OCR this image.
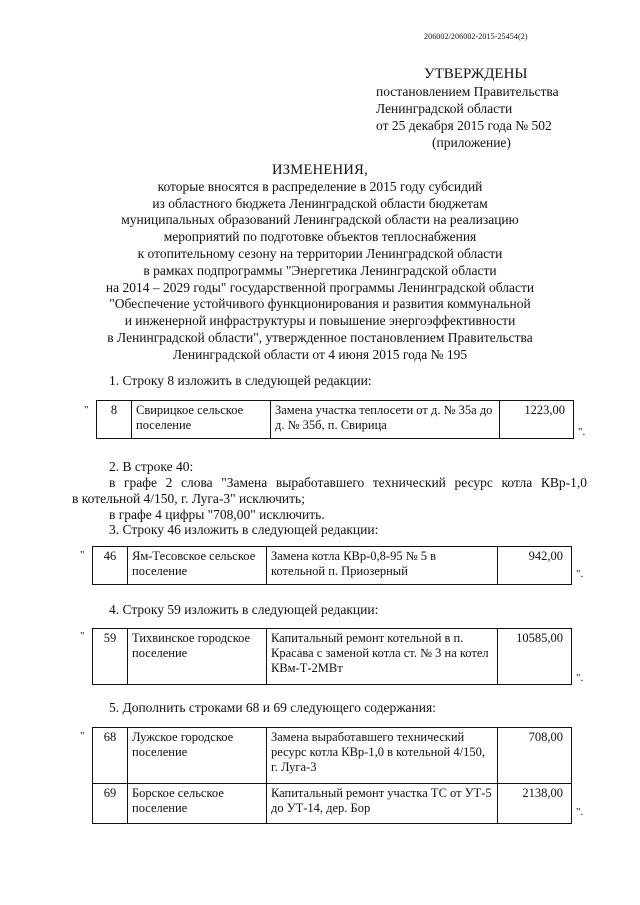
206002/206002-2015-25454(2)
УТВЕРЖДЕНЫ
постановлением Правительства
Ленинградской области
от 25 декабря 2015 года № 502
(приложение)
ИЗМЕНЕНИЯ,
которые вносятся в распределение в 2015 году субсидий
из областного бюджета Ленинградской области бюджетам
муниципальных образований Ленинградской области на реализацию
мероприятий по подготовке объектов теплоснабжения
к отопительному сезону на территории Ленинградской области
в рамках подпрограммы "Энергетика Ленинградской области
на 2014 – 2029 годы" государственной программы Ленинградской области
"Обеспечение устойчивого функционирования и развития коммунальной
и инженерной инфраструктуры и повышение энергоэффективности
в Ленинградской области", утвержденное постановлением Правительства
Ленинградской области от 4 июня 2015 года № 195
1. Строку 8 изложить в следующей редакции:
" 8	Свирицкое сельское поселение	Замена участка теплосети от д. № 35а до д. № 35б, п. Свирица	1223,00
".
2. В строке 40:
в графе 2 слова "Замена выработавшего технический ресурс котла КВр-1,0
в котельной 4/150, г. Луга-3" исключить;
в графе 4 цифры "708,00" исключить.
3. Строку 46 изложить в следующей редакции:
" 46	Ям-Тесовское сельское поселение	Замена котла КВр-0,8-95 № 5 в котельной п. Приозерный	942,00
".
4. Строку 59 изложить в следующей редакции:
" 59	Тихвинское городское поселение	Капитальный ремонт котельной в п. Красава с заменой котла ст. № 3 на котел КВм-Т-2МВт	10585,00
".
5. Дополнить строками 68 и 69 следующего содержания:
" 68	Лужское городское поселение	Замена выработавшего технический ресурс котла КВр-1,0 в котельной 4/150, г. Луга-3	708,00
69	Борское сельское поселение	Капитальный ремонт участка ТС от УТ-5 до УТ-14, дер. Бор	2138,00
".
